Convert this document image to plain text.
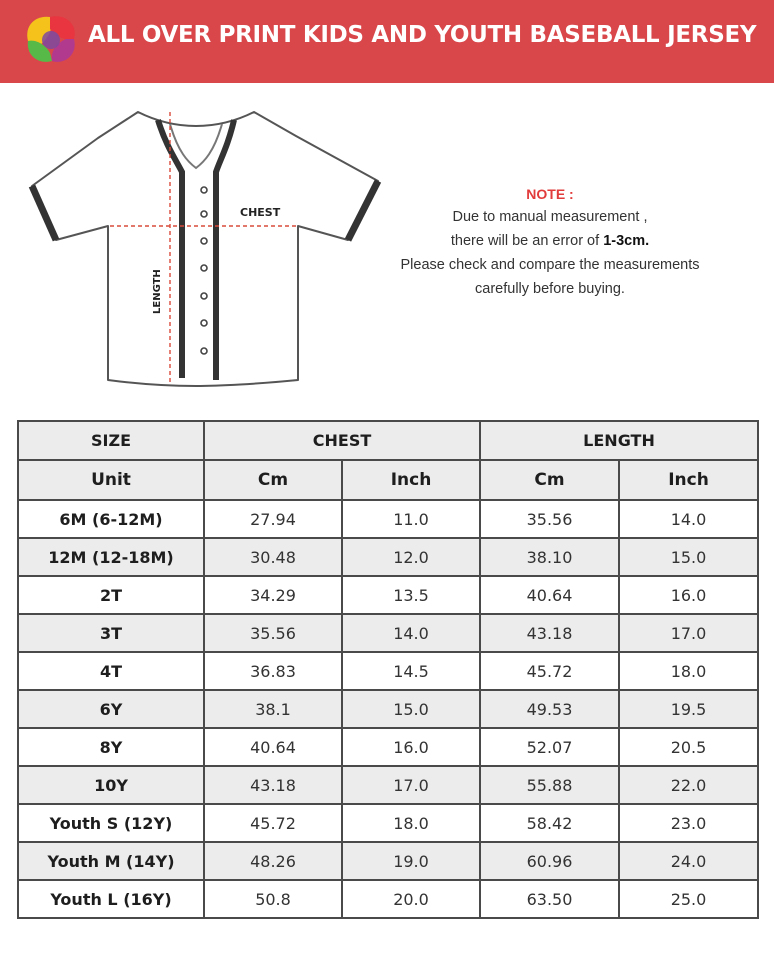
ALL OVER PRINT KIDS AND YOUTH BASEBALL JERSEY
CHEST
LENGTH
NOTE :
Due to manual measurement ,
there will be an error of 1-3cm.
Please check and compare the measurements
carefully before buying.
SIZE	CHEST		LENGTH	
Unit	Cm	Inch	Cm	Inch
6M (6-12M)	27.94	11.0	35.56	14.0
12M (12-18M)	30.48	12.0	38.10	15.0
2T	34.29	13.5	40.64	16.0
3T	35.56	14.0	43.18	17.0
4T	36.83	14.5	45.72	18.0
6Y	38.1	15.0	49.53	19.5
8Y	40.64	16.0	52.07	20.5
10Y	43.18	17.0	55.88	22.0
Youth S (12Y)	45.72	18.0	58.42	23.0
Youth M (14Y)	48.26	19.0	60.96	24.0
Youth L (16Y)	50.8	20.0	63.50	25.0
